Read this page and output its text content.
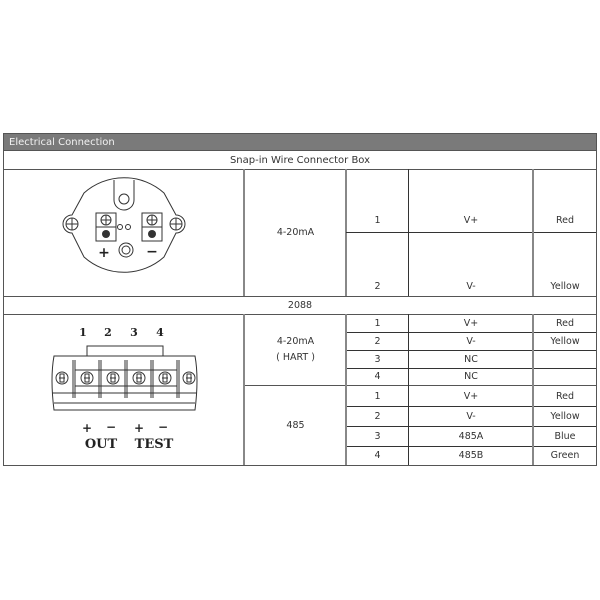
Electrical Connection
Snap-in Wire Connector Box
+	−
4-20mA
1	V+	Red
2	V-	Yellow
2088
1 2 3 4
+ − + −
OUT TEST
4-20mA
( HART )
1	V+	Red
2	V-	Yellow
3	NC
4	NC
485
1	V+	Red
2	V-	Yellow
3	485A	Blue
4	485B	Green
